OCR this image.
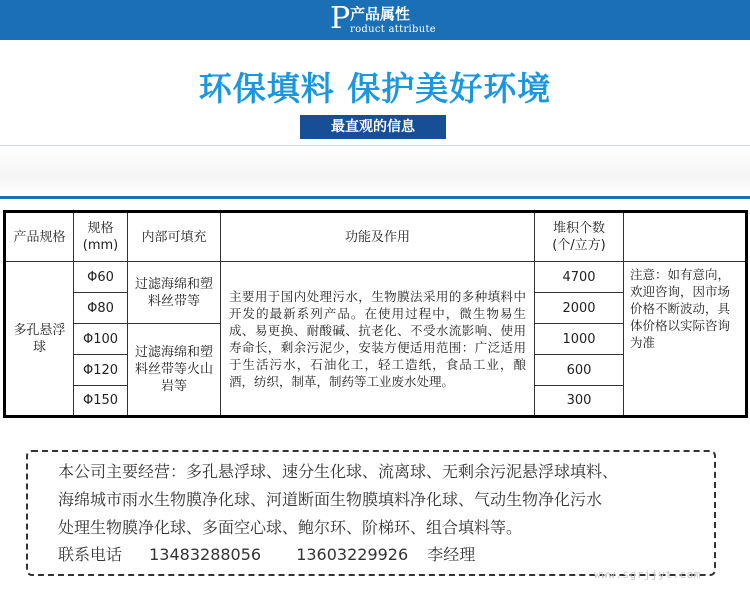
P 产品属性
roduct attribute
环保填料 保护美好环境
最直观的信息
产品规格
规格
(mm)
内部可填充	功能及作用
堆积个数
(个/立方)
多孔悬浮球
Φ60
Φ80
Φ100
Φ120
Φ150
过滤海绵和塑料丝带等
过滤海绵和塑料丝带等火山岩等
主要用于国内处理污水，生物膜法采用的多种填料中开发的最新系列产品。在使用过程中，微生物易生成、易更换、耐酸碱、抗老化、不受水流影响、使用寿命长，剩余污泥少，安装方便适用范围：广泛适用于生活污水，石油化工，轻工造纸，食品工业，酿酒，纺织，制革，制药等工业废水处理。
4700
2000
1000
600
300
注意：如有意向，欢迎咨询，因市场价格不断波动，具体价格以实际咨询为准
本公司主要经营：多孔悬浮球、速分生化球、流离球、无剩余污泥悬浮球填料、
海绵城市雨水生物膜净化球、河道断面生物膜填料净化球、气动生物净化污水
处理生物膜净化球、多面空心球、鲍尔环、阶梯环、组合填料等。
联系电话 13483288056 13603229926 李经理
www.sgrjjyt.com
